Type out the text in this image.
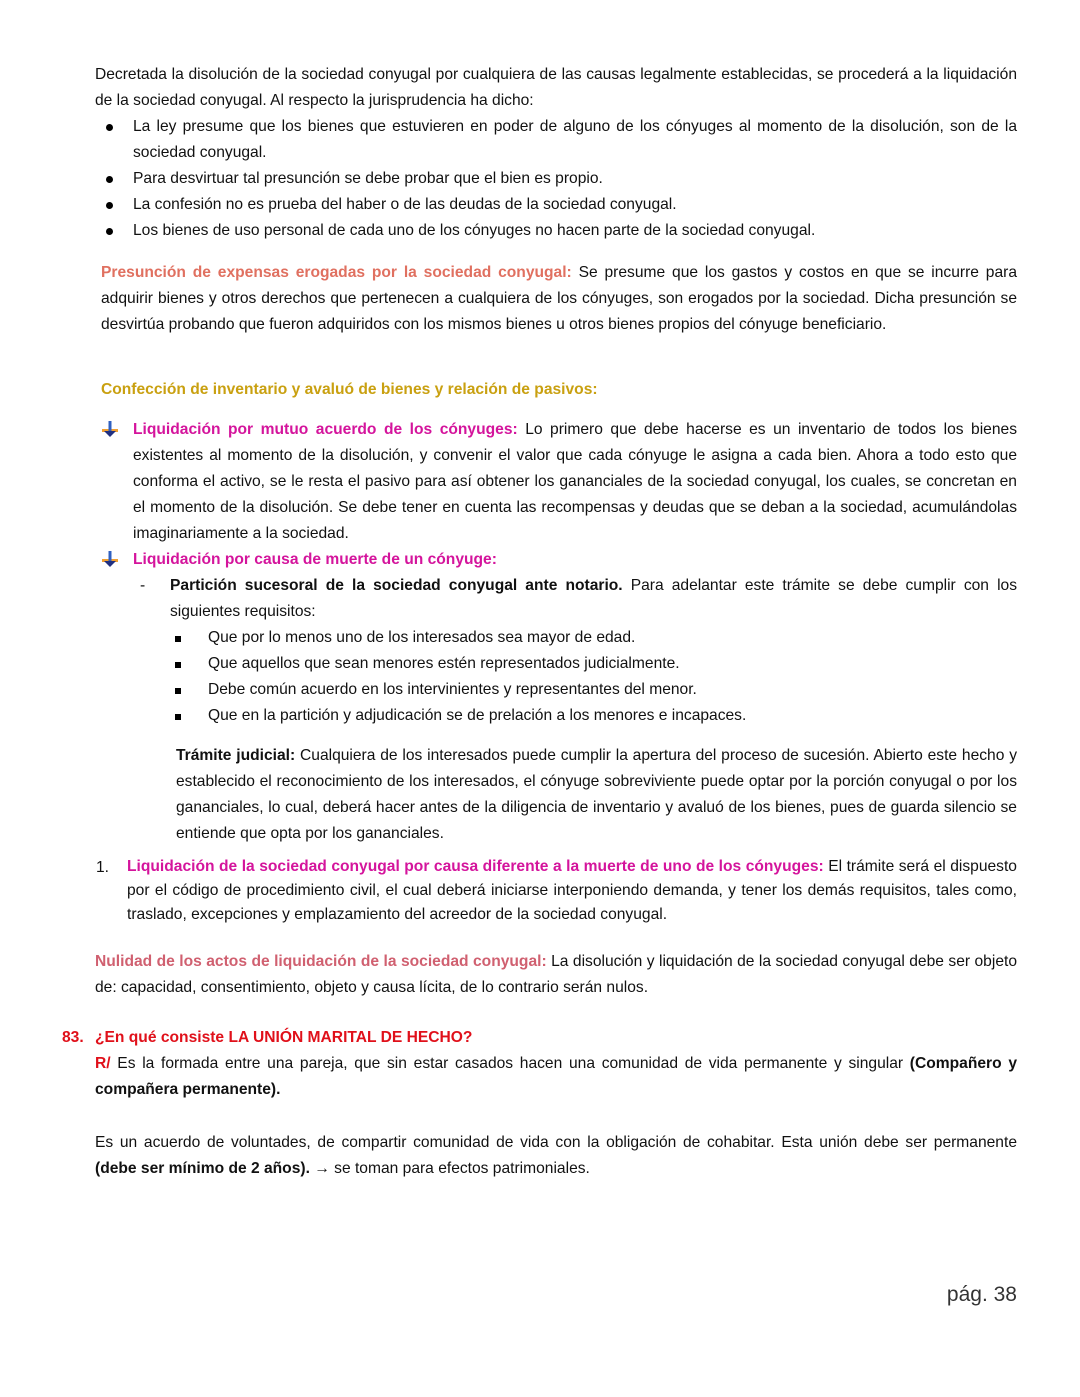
Decretada la disolución de la sociedad conyugal por cualquiera de las causas legalmente establecidas, se procederá a la liquidación de la sociedad conyugal. Al respecto la jurisprudencia ha dicho:

La ley presume que los bienes que estuvieren en poder de alguno de los cónyuges al momento de la disolución, son de la sociedad conyugal.

Para desvirtuar tal presunción se debe probar que el bien es propio.

La confesión no es prueba del haber o de las deudas de la sociedad conyugal.

Los bienes de uso personal de cada uno de los cónyuges no hacen parte de la sociedad conyugal.

Presunción de expensas erogadas por la sociedad conyugal: Se presume que los gastos y costos en que se incurre para adquirir bienes y otros derechos que pertenecen a cualquiera de los cónyuges, son erogados por la sociedad. Dicha presunción se desvirtúa probando que fueron adquiridos con los mismos bienes u otros bienes propios del cónyuge beneficiario.
Confección de inventario y avaluó de bienes y relación de pasivos:

Liquidación por mutuo acuerdo de los cónyuges: Lo primero que debe hacerse es un inventario de todos los bienes existentes al momento de la disolución, y convenir el valor que cada cónyuge le asigna a cada bien. Ahora a todo esto que conforma el activo, se le resta el pasivo para así obtener los gananciales de la sociedad conyugal, los cuales, se concretan en el momento de la disolución. Se debe tener en cuenta las recompensas y deudas que se deban a la sociedad, acumulándolas imaginariamente a la sociedad.

Liquidación por causa de muerte de un cónyuge:

- Partición sucesoral de la sociedad conyugal ante notario. Para adelantar este trámite se debe cumplir con los siguientes requisitos:

Que por lo menos uno de los interesados sea mayor de edad.

Que aquellos que sean menores estén representados judicialmente.

Debe común acuerdo en los intervinientes y representantes del menor.

Que en la partición y adjudicación se de prelación a los menores e incapaces.

Trámite judicial: Cualquiera de los interesados puede cumplir la apertura del proceso de sucesión. Abierto este hecho y establecido el reconocimiento de los interesados, el cónyuge sobreviviente puede optar por la porción conyugal o por los gananciales, lo cual, deberá hacer antes de la diligencia de inventario y avaluó de los bienes, pues de guarda silencio se entiende que opta por los gananciales.

1. Liquidación de la sociedad conyugal por causa diferente a la muerte de uno de los cónyuges: El trámite será el dispuesto por el código de procedimiento civil, el cual deberá iniciarse interponiendo demanda, y tener los demás requisitos, tales como, traslado, excepciones y emplazamiento del acreedor de la sociedad conyugal.

Nulidad de los actos de liquidación de la sociedad conyugal: La disolución y liquidación de la sociedad conyugal debe ser objeto de: capacidad, consentimiento, objeto y causa lícita, de lo contrario serán nulos.
83. ¿En qué consiste LA UNIÓN MARITAL DE HECHO?

R/ Es la formada entre una pareja, que sin estar casados hacen una comunidad de vida permanente y singular (Compañero y compañera permanente).

Es un acuerdo de voluntades, de compartir comunidad de vida con la obligación de cohabitar. Esta unión debe ser permanente (debe ser mínimo de 2 años). → se toman para efectos patrimoniales.

pág. 38
